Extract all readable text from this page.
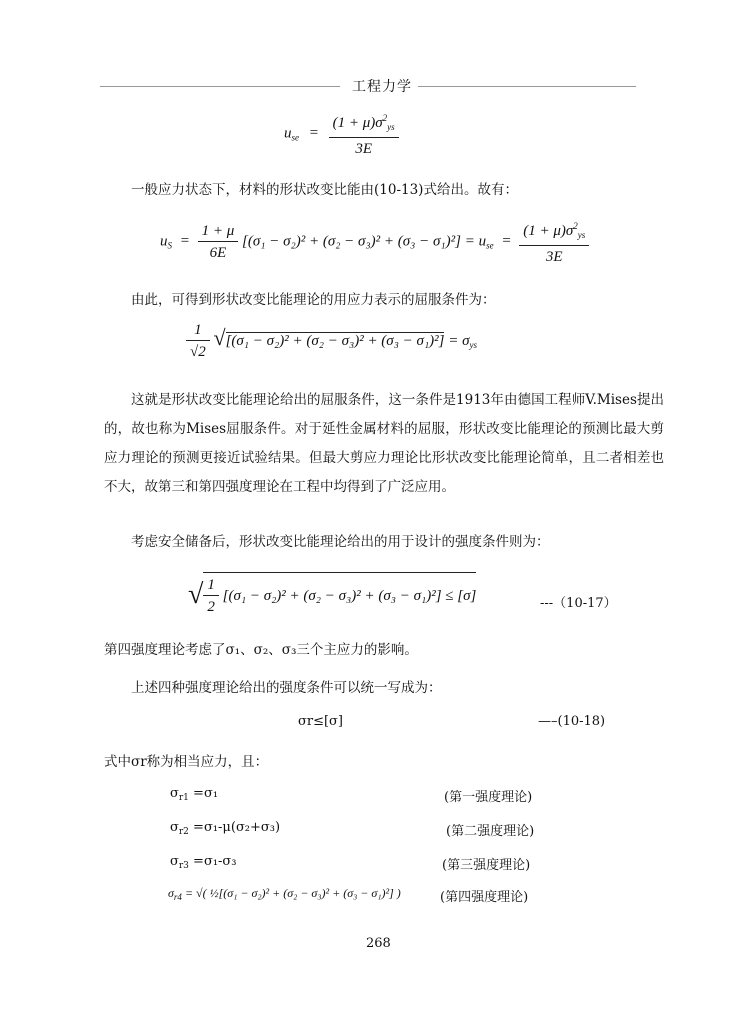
工程力学
$u_{se} = \frac{(1 + \mu)\sigma^2_{ys}}{3E}$
一般应力状态下，材料的形状改变比能由(10-13)式给出。故有：
$u_S = \frac{1 + \mu}{6E} [(\sigma_1 - \sigma_2)^2 + (\sigma_2 - \sigma_3)^2 + (\sigma_3 - \sigma_1)^2] = u_{se} = \frac{(1 + \mu)\sigma^2_{ys}}{3E}$
由此，可得到形状改变比能理论的用应力表示的屈服条件为：
$\frac{1}{√2} √[(\sigma_1 - \sigma_2)^2 + (\sigma_2 - \sigma_3)^2 + (\sigma_3 - \sigma_1)^2] = \sigma_{ys}$
这就是形状改变比能理论给出的屈服条件，这一条件是1913年由德国工程师V.Mises提出的，故也称为Mises屈服条件。对于延性金属材料的屈服，形状改变比能理论的预测比最大剪应力理论的预测更接近试验结果。但最大剪应力理论比形状改变比能理论简单，且二者相差也不大，故第三和第四强度理论在工程中均得到了广泛应用。
考虑安全储备后，形状改变比能理论给出的用于设计的强度条件则为：
√ $\frac{1}{2} [(\sigma_1 - \sigma_2)^2 + (\sigma_2 - \sigma_3)^2 + (\sigma_3 - \sigma_1)^2] \le [\sigma]$	---（10-17）
第四强度理论考虑了σ₁、σ₂、σ₃三个主应力的影响。
上述四种强度理论给出的强度条件可以统一写成为：
σr≤[σ]	—–(10-18)
式中σr称为相当应力，且：
$\sigma_{r1} =\sigma_1$	(第一强度理论)
$\sigma_{r2} =\sigma_1-\mu(\sigma_2+\sigma_3)$	(第二强度理论)
$\sigma_{r3} =\sigma_1-\sigma_3$	(第三强度理论)
$\sigma_{r4}$ = √( ½[(σ₁ − σ₂)² + (σ₂ − σ₃)² + (σ₃ − σ₁)²] )	(第四强度理论)
268
